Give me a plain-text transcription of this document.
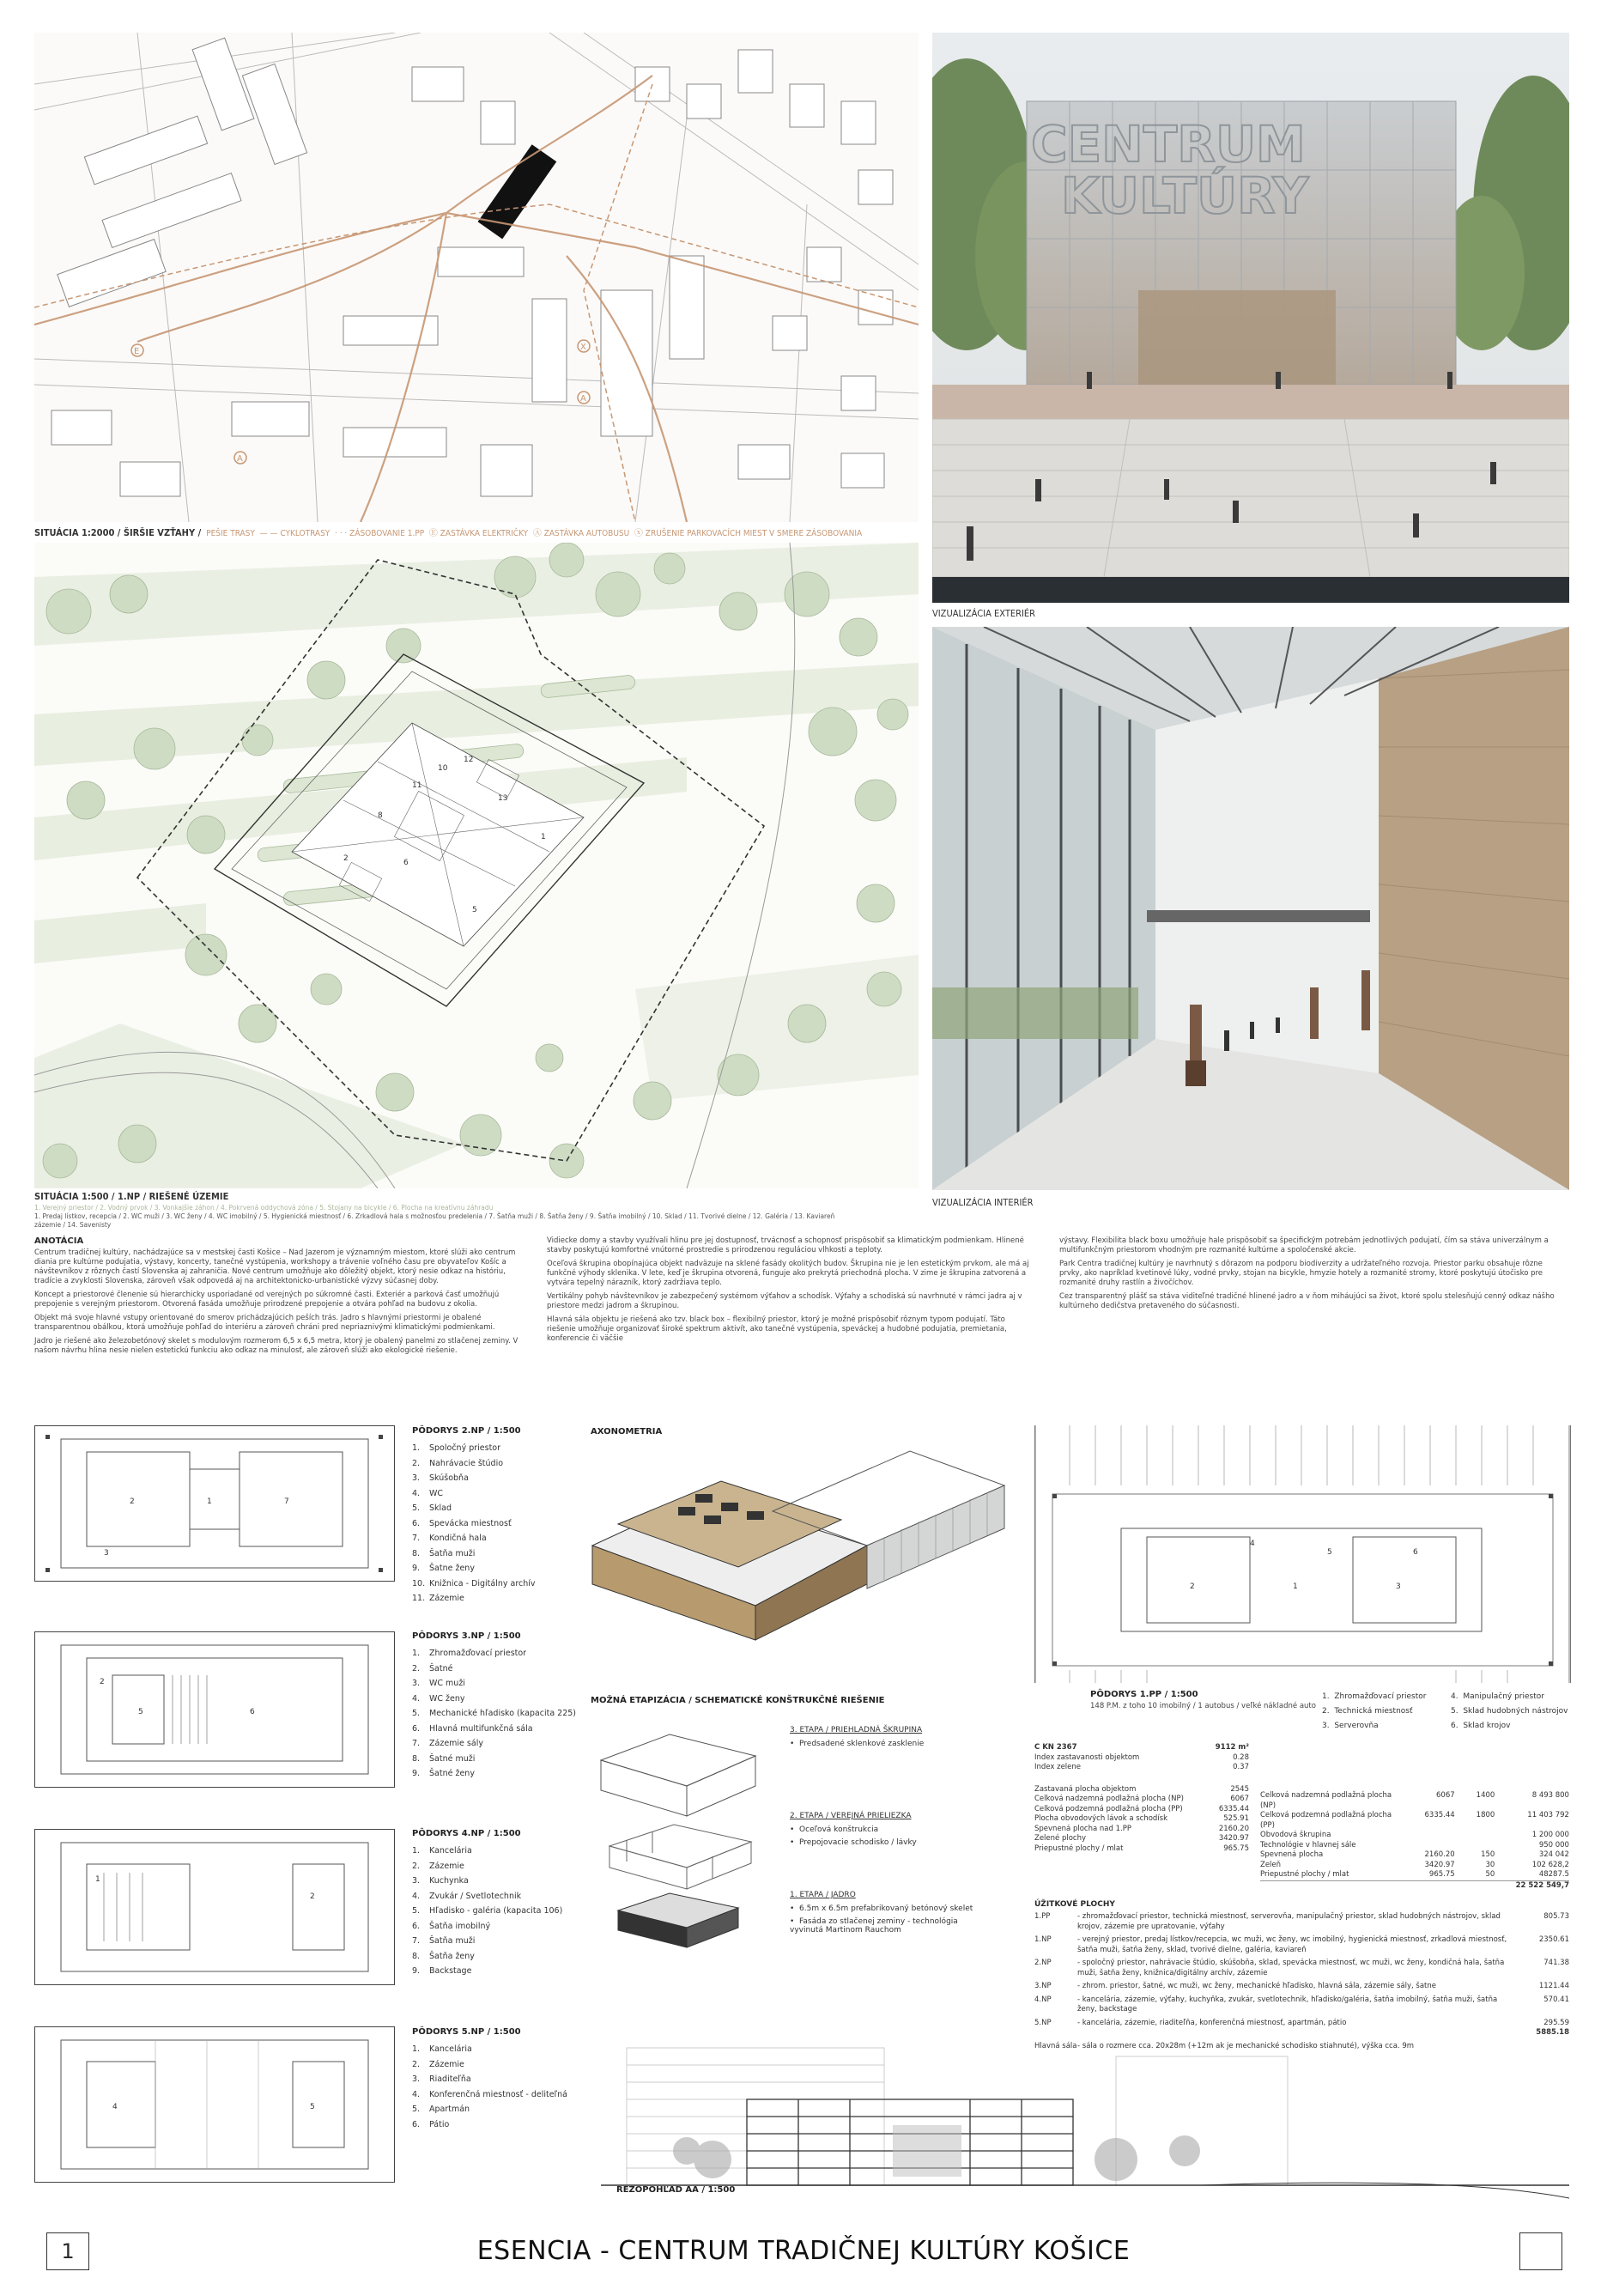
E
A
A
X
SITUÁCIA 1:2000 / ŠIRŠIE VZŤAHY / PEŠIE TRASY  — — CYKLOTRASY  · · · ZÁSOBOVANIE 1.PP  Ⓔ ZASTÁVKA ELEKTRIČKY  Ⓐ ZASTÁVKA AUTOBUSU  ⓧ ZRUŠENIE PARKOVACÍCH MIEST V SMERE ZÁSOBOVANIA
11
10
8
13
12
6
2
1
5
SITUÁCIA 1:500 / 1.NP / RIEŠENÉ ÚZEMIE
1. Verejný priestor / 2. Vodný prvok / 3. Vonkajšie záhon / 4. Pokrvená oddychová zóna / 5. Stojany na bicykle / 6. Plocha na kreatívnu záhradu
1. Predaj lístkov, recepcia / 2. WC muži / 3. WC ženy / 4. WC imobilný / 5. Hygienická miestnosť / 6. Zrkadlová hala s možnosťou predelenia / 7. Šatňa muži / 8. Šatňa ženy / 9. Šatňa imobilný / 10. Sklad / 11. Tvorivé dielne / 12. Galéria / 13. Kaviareň
zázemie / 14. Savenisty
CENTRUM
KULTÚRY
VIZUALIZÁCIA EXTERIÉR
VIZUALIZÁCIA INTERIÉR
ANOTÁCIA

Centrum tradičnej kultúry, nachádzajúce sa v mestskej časti Košice – Nad Jazerom je významným miestom, ktoré slúži ako centrum diania pre kultúrne podujatia, výstavy, koncerty, tanečné vystúpenia, workshopy a trávenie voľného času pre obyvateľov Košíc a návštevníkov z rôznych častí Slovenska aj zahraničia. Nové centrum umožňuje ako dôležitý objekt, ktorý nesie odkaz na históriu, tradície a zvyklosti Slovenska, zároveň však odpovedá aj na architektonicko-urbanistické výzvy súčasnej doby.

Koncept a priestorové členenie sú hierarchicky usporiadané od verejných po súkromné časti. Exteriér a parková časť umožňujú prepojenie s verejným priestorom. Otvorená fasáda umožňuje prirodzené prepojenie a otvára pohľad na budovu z okolia.

Objekt má svoje hlavné vstupy orientované do smerov prichádzajúcich peších trás. Jadro s hlavnými priestormi je obalené transparentnou obálkou, ktorá umožňuje pohľad do interiéru a zároveň chráni pred nepriaznivými klimatickými podmienkami.

Jadro je riešené ako železobetónový skelet s modulovým rozmerom 6,5 x 6,5 metra, ktorý je obalený panelmi zo stlačenej zeminy. V našom návrhu hlina nesie nielen estetickú funkciu ako odkaz na minulosť, ale zároveň slúži ako ekologické riešenie.

Vidiecke domy a stavby využívali hlinu pre jej dostupnosť, trvácnosť a schopnosť prispôsobiť sa klimatickým podmienkam. Hlinené stavby poskytujú komfortné vnútorné prostredie s prirodzenou reguláciou vlhkosti a teploty.

Oceľová škrupina obopínajúca objekt nadväzuje na sklené fasády okolitých budov. Škrupina nie je len estetickým prvkom, ale má aj funkčné výhody sklenika. V lete, keď je škrupina otvorená, funguje ako prekrytá priechodná plocha. V zime je škrupina zatvorená a vytvára tepelný nárazník, ktorý zadržiava teplo.

Vertikálny pohyb návštevníkov je zabezpečený systémom výťahov a schodísk. Výťahy a schodiská sú navrhnuté v rámci jadra aj v priestore medzi jadrom a škrupinou.

Hlavná sála objektu je riešená ako tzv. black box – flexibilný priestor, ktorý je možné prispôsobiť rôznym typom podujatí. Táto riešenie umožňuje organizovať široké spektrum aktivít, ako tanečné vystúpenia, speváckej a hudobné podujatia, premietania, konferencie či väčšie

výstavy. Flexibilita black boxu umožňuje hale prispôsobiť sa špecifickým potrebám jednotlivých podujatí, čím sa stáva univerzálnym a multifunkčným priestorom vhodným pre rozmanité kultúrne a spoločenské akcie.

Park Centra tradičnej kultúry je navrhnutý s dôrazom na podporu biodiverzity a udržateľného rozvoja. Priestor parku obsahuje rôzne prvky, ako napríklad kvetinové lúky, vodné prvky, stojan na bicykle, hmyzie hotely a rozmanité stromy, ktoré poskytujú útočisko pre rozmanité druhy rastlín a živočíchov.

Cez transparentný plášť sa stáva viditeľné tradičné hlinené jadro a v ňom miháujúci sa život, ktoré spolu stelesňujú cenný odkaz nášho kultúrneho dedičstva pretaveného do súčasnosti.

2	1	7
3
PÔDORYS 2.NP / 1:500
1. Spoločný priestor
2. Nahrávacie štúdio
3. Skúšobňa
4. WC
5. Sklad
6. Spevácka miestnosť
7. Kondičná hala
8. Šatňa muži
9. Šatne ženy
10. Knižnica - Digitálny archív
11. Zázemie
6
5
2
PÔDORYS 3.NP / 1:500
1. Zhromažďovací priestor
2. Šatné
3. WC muži
4. WC ženy
5. Mechanické hľadisko (kapacita 225)
6. Hlavná multifunkčná sála
7. Zázemie sály
8. Šatné muži
9. Šatné ženy
1
2
PÔDORYS 4.NP / 1:500
1. Kancelária
2. Zázemie
3. Kuchynka
4. Zvukár / Svetlotechnik
5. Hľadisko - galéria (kapacita 106)
6. Šatňa imobilný
7. Šatňa muži
8. Šatňa ženy
9. Backstage
4	5
PÔDORYS 5.NP / 1:500
1. Kancelária
2. Zázemie
3. Riaditeľňa
4. Konferenčná miestnosť - deliteľná
5. Apartmán
6. Pátio
AXONOMETRIA
MOŽNÁ ETAPIZÁCIA / SCHEMATICKÉ KONŠTRUKČNÉ RIEŠENIE
3. ETAPA / PRIEHLADNÁ ŠKRUPINA
•  Predsadené sklenkové zasklenie
2. ETAPA / VEREJNÁ PRIELIEZKA
•  Oceľová konštrukcia
•  Prepojovacie schodisko / lávky
1. ETAPA / JADRO
•  6.5m x 6.5m prefabrikovaný betónový skelet
•  Fasáda zo stlačenej zeminy - technológia vyvinutá Martinom Rauchom
2	3
1
4
5	6
PÔDORYS 1.PP / 1:500
148 P.M. z toho 10 imobilný / 1 autobus / veľké nákladné auto
1. Zhromažďovací priestor	4. Manipulačný priestor
2. Technická miestnosť	5. Sklad hudobných nástrojov
3. Serverovňa	6. Sklad krojov
C KN 2367	9112 m²
Index zastavanosti objektom	0.28
Index zelene	0.37
Zastavaná plocha objektom	2545
Celková nadzemná podlažná plocha (NP)	6067
Celková podzemná podlažná plocha (PP)	6335.44
Plocha obvodových lávok a schodísk	525.91
Spevnená plocha nad 1.PP	2160.20
Zelené plochy	3420.97
Priepustné plochy / mlat	965.75
Celková nadzemná podlažná plocha (NP)
6067	1400	8 493 800
Celková podzemná podlažná plocha (PP)
6335.44	1800	11 403 792
Obvodová škrupina	1 200 000
Technológie v hlavnej sále	950 000
Spevnená plocha	2160.20	150	324 042
Zeleň	3420.97	30	102 628,2
Priepustné plochy / mlat	965.75	50	48287.5
22 522 549,7
ÚŽITKOVÉ PLOCHY
1.PP	- zhromažďovací priestor, technická miestnosť, serverovňa, manipulačný priestor, sklad hudobných nástrojov, sklad krojov, zázemie pre upratovanie, výťahy
805.73
1.NP	- verejný priestor, predaj lístkov/recepcia, wc muži, wc ženy, wc imobilný, hygienická miestnosť, zrkadlová miestnosť, šatňa muži, šatňa ženy, sklad, tvorivé dielne, galéria, kaviareň
2350.61
2.NP	- spoločný priestor, nahrávacie štúdio, skúšobňa, sklad, spevácka miestnosť, wc muži, wc ženy, kondičná hala, šatňa muži, šatňa ženy, knižnica/digitálny archív, zázemie
741.38
3.NP	- zhrom. priestor, šatné, wc muži, wc ženy, mechanické hľadisko, hlavná sála, zázemie sály, šatne	1121.44
4.NP	- kancelária, zázemie, výťahy, kuchyňka, zvukár, svetlotechnik, hľadisko/galéria, šatňa imobilný, šatňa muži, šatňa ženy, backstage
570.41
5.NP	- kancelária, zázemie, riaditeľňa, konferenčná miestnosť, apartmán, pátio	295.59
5885.18
Hlavná sála - sála o rozmere cca. 20x28m (+12m ak je mechanické schodisko stiahnuté), výška cca. 9m
REZOPOHĽAD AA / 1:500
1	ESENCIA - CENTRUM TRADIČNEJ KULTÚRY KOŠICE
